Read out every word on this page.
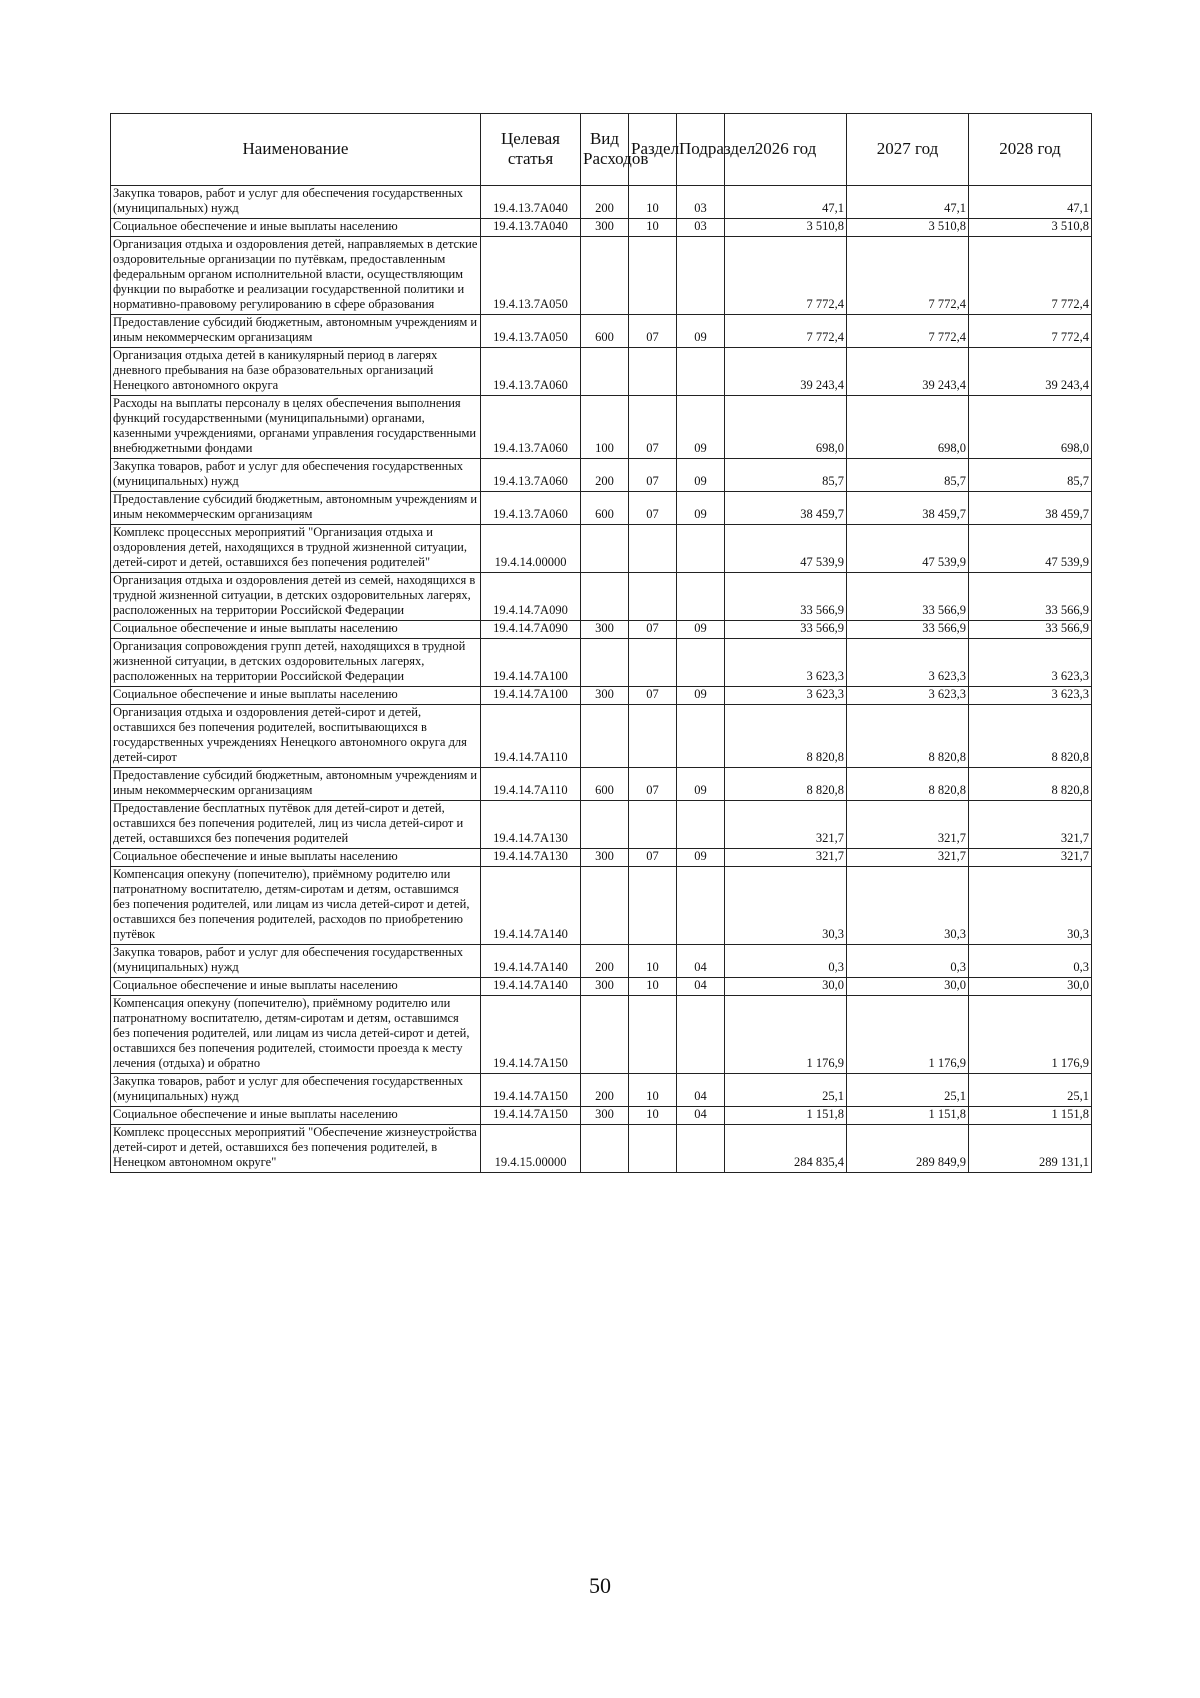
Наименование	Целевая статья	Вид Расходов	Раздел	Подраздел	2026 год	2027 год	2028 год
Закупка товаров, работ и услуг для обеспечения государственных (муниципальных) нужд	19.4.13.7А040	200	10	03	47,1	47,1	47,1
Социальное обеспечение и иные выплаты населению	19.4.13.7А040	300	10	03	3 510,8	3 510,8	3 510,8
Организация отдыха и оздоровления детей, направляемых в детские оздоровительные организации по путёвкам, предоставленным федеральным органом исполнительной власти, осуществляющим функции по выработке и реализации государственной политики и нормативно-правовому регулированию в сфере образования	19.4.13.7А050				7 772,4	7 772,4	7 772,4
Предоставление субсидий бюджетным, автономным учреждениям и иным некоммерческим организациям	19.4.13.7А050	600	07	09	7 772,4	7 772,4	7 772,4
Организация отдыха детей в каникулярный период в лагерях дневного пребывания на базе образовательных организаций Ненецкого автономного округа	19.4.13.7А060				39 243,4	39 243,4	39 243,4
Расходы на выплаты персоналу в целях обеспечения выполнения функций государственными (муниципальными) органами, казенными учреждениями, органами управления государственными внебюджетными фондами	19.4.13.7А060	100	07	09	698,0	698,0	698,0
Закупка товаров, работ и услуг для обеспечения государственных (муниципальных) нужд	19.4.13.7А060	200	07	09	85,7	85,7	85,7
Предоставление субсидий бюджетным, автономным учреждениям и иным некоммерческим организациям	19.4.13.7А060	600	07	09	38 459,7	38 459,7	38 459,7
Комплекс процессных мероприятий "Организация отдыха и оздоровления детей, находящихся в трудной жизненной ситуации, детей-сирот и детей, оставшихся без попечения родителей"	19.4.14.00000				47 539,9	47 539,9	47 539,9
Организация отдыха и оздоровления детей из семей, находящихся в трудной жизненной ситуации, в детских оздоровительных лагерях, расположенных на территории Российской Федерации	19.4.14.7А090				33 566,9	33 566,9	33 566,9
Социальное обеспечение и иные выплаты населению	19.4.14.7А090	300	07	09	33 566,9	33 566,9	33 566,9
Организация сопровождения групп детей, находящихся в трудной жизненной ситуации, в детских оздоровительных лагерях, расположенных на территории Российской Федерации	19.4.14.7А100				3 623,3	3 623,3	3 623,3
Социальное обеспечение и иные выплаты населению	19.4.14.7А100	300	07	09	3 623,3	3 623,3	3 623,3
Организация отдыха и оздоровления детей-сирот и детей, оставшихся без попечения родителей, воспитывающихся в государственных учреждениях Ненецкого автономного округа для детей-сирот	19.4.14.7А110				8 820,8	8 820,8	8 820,8
Предоставление субсидий бюджетным, автономным учреждениям и иным некоммерческим организациям	19.4.14.7А110	600	07	09	8 820,8	8 820,8	8 820,8
Предоставление бесплатных путёвок для детей-сирот и детей, оставшихся без попечения родителей, лиц из числа детей-сирот и детей, оставшихся без попечения родителей	19.4.14.7А130				321,7	321,7	321,7
Социальное обеспечение и иные выплаты населению	19.4.14.7А130	300	07	09	321,7	321,7	321,7
Компенсация опекуну (попечителю), приёмному родителю или патронатному воспитателю, детям-сиротам и детям, оставшимся без попечения родителей, или лицам из числа детей-сирот и детей, оставшихся без попечения родителей, расходов по приобретению путёвок	19.4.14.7А140				30,3	30,3	30,3
Закупка товаров, работ и услуг для обеспечения государственных (муниципальных) нужд	19.4.14.7А140	200	10	04	0,3	0,3	0,3
Социальное обеспечение и иные выплаты населению	19.4.14.7А140	300	10	04	30,0	30,0	30,0
Компенсация опекуну (попечителю), приёмному родителю или патронатному воспитателю, детям-сиротам и детям, оставшимся без попечения родителей, или лицам из числа детей-сирот и детей, оставшихся без попечения родителей, стоимости проезда к месту лечения (отдыха) и обратно	19.4.14.7А150				1 176,9	1 176,9	1 176,9
Закупка товаров, работ и услуг для обеспечения государственных (муниципальных) нужд	19.4.14.7А150	200	10	04	25,1	25,1	25,1
Социальное обеспечение и иные выплаты населению	19.4.14.7А150	300	10	04	1 151,8	1 151,8	1 151,8
Комплекс процессных мероприятий "Обеспечение жизнеустройства детей-сирот и детей, оставшихся без попечения родителей, в Ненецком автономном округе"	19.4.15.00000				284 835,4	289 849,9	289 131,1
50
